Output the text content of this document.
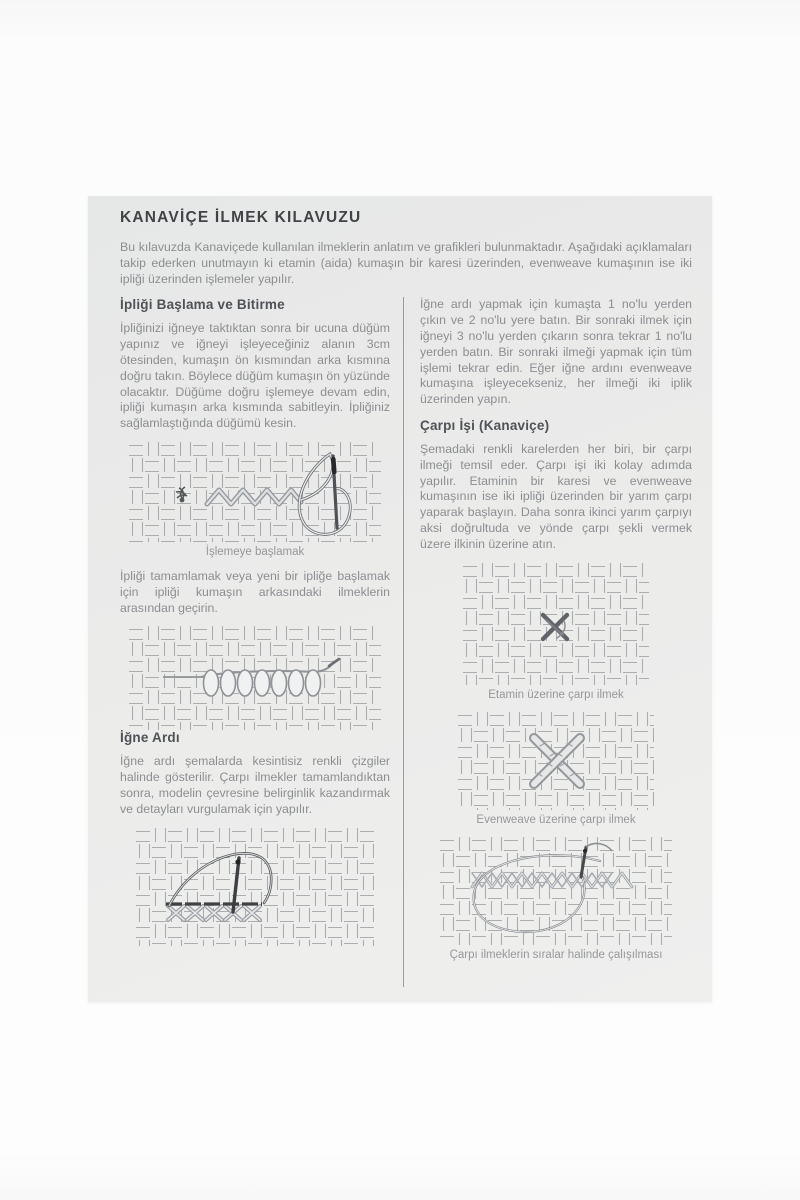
KANAVİÇE İLMEK KILAVUZU

Bu kılavuzda Kanaviçede kullanılan ilmeklerin anlatım ve grafikleri bulunmaktadır. Aşağıdaki açıklamaları takip ederken unutmayın ki etamin (aida) kumaşın bir karesi üzerinden, evenweave kumaşının ise iki ipliği üzerinden işlemeler yapılır.

İpliği Başlama ve Bitirme

İpliğinizi iğneye taktıktan sonra bir ucuna düğüm yapınız ve iğneyi işleyeceğiniz alanın 3cm ötesinden, kumaşın ön kısmından arka kısmına doğru takın. Böylece düğüm kumaşın ön yüzünde olacaktır. Düğüme doğru işlemeye devam edin, ipliği kumaşın arka kısmında sabitleyin. İpliğiniz sağlamlaştığında düğümü kesin.

İşlemeye başlamak

İpliği tamamlamak veya yeni bir ipliğe başlamak için ipliği kumaşın arkasındaki ilmeklerin arasından geçirin.

İğne Ardı

İğne ardı şemalarda kesintisiz renkli çizgiler halinde gösterilir. Çarpı ilmekler tamamlandıktan sonra, modelin çevresine belirginlik kazandırmak ve detayları vurgulamak için yapılır.

İğne ardı yapmak için kumaşta 1 no'lu yerden çıkın ve 2 no'lu yere batın. Bir sonraki ilmek için iğneyi 3 no'lu yerden çıkarın sonra tekrar 1 no'lu yerden batın. Bir sonraki ilmeği yapmak için tüm işlemi tekrar edin. Eğer iğne ardını evenweave kumaşına işleyecekseniz, her ilmeği iki iplik üzerinden yapın.

Çarpı İşi (Kanaviçe)

Şemadaki renkli karelerden her biri, bir çarpı ilmeği temsil eder. Çarpı işi iki kolay adımda yapılır. Etaminin bir karesi ve evenweave kumaşının ise iki ipliği üzerinden bir yarım çarpı yaparak başlayın. Daha sonra ikinci yarım çarpıyı aksi doğrultuda ve yönde çarpı şekli vermek üzere ilkinin üzerine atın.

Etamin üzerine çarpı ilmek
Evenweave üzerine çarpı ilmek
Çarpı ilmeklerin sıralar halinde çalışılması
